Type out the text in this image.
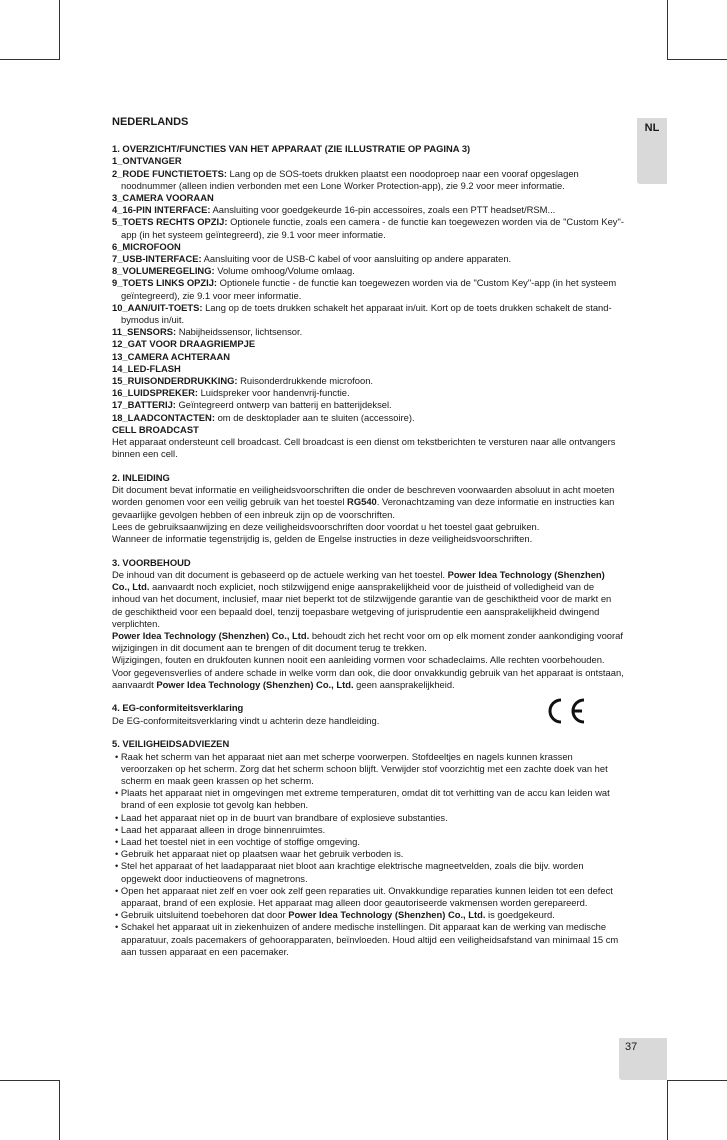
NL
37
NEDERLANDS
1. OVERZICHT/FUNCTIES VAN HET APPARAAT (ZIE ILLUSTRATIE OP PAGINA 3)

1_ONTVANGER

2_RODE FUNCTIETOETS: Lang op de SOS-toets drukken plaatst een noodoproep naar een vooraf opgeslagen noodnummer (alleen indien verbonden met een Lone Worker Protection-app), zie 9.2 voor meer informatie.

3_CAMERA VOORAAN

4_16-PIN INTERFACE: Aansluiting voor goedgekeurde 16-pin accessoires, zoals een PTT headset/RSM...

5_TOETS RECHTS OPZIJ: Optionele functie, zoals een camera - de functie kan toegewezen worden via de "Custom Key"-app (in het systeem geïntegreerd), zie 9.1 voor meer informatie.

6_MICROFOON

7_USB-INTERFACE: Aansluiting voor de USB-C kabel of voor aansluiting op andere apparaten.

8_VOLUMEREGELING: Volume omhoog/Volume omlaag.

9_TOETS LINKS OPZIJ: Optionele functie - de functie kan toegewezen worden via de "Custom Key"-app (in het systeem geïntegreerd), zie 9.1 voor meer informatie.

10_AAN/UIT-TOETS: Lang op de toets drukken schakelt het apparaat in/uit. Kort op de toets drukken schakelt de stand-bymodus in/uit.

11_SENSORS: Nabijheidssensor, lichtsensor.

12_GAT VOOR DRAAGRIEMPJE

13_CAMERA ACHTERAAN

14_LED-FLASH

15_RUISONDERDRUKKING: Ruisonderdrukkende microfoon.

16_LUIDSPREKER: Luidspreker voor handenvrij-functie.

17_BATTERIJ: Geïntegreerd ontwerp van batterij en batterijdeksel.

18_LAADCONTACTEN: om de desktoplader aan te sluiten (accessoire).

CELL BROADCAST

Het apparaat ondersteunt cell broadcast. Cell broadcast is een dienst om tekstberichten te versturen naar alle ontvangers binnen een cell.

2. INLEIDING

Dit document bevat informatie en veiligheidsvoorschriften die onder de beschreven voorwaarden absoluut in acht moeten worden genomen voor een veilig gebruik van het toestel RG540. Veronachtzaming van deze informatie en instructies kan gevaarlijke gevolgen hebben of een inbreuk zijn op de voorschriften.

Lees de gebruiksaanwijzing en deze veiligheidsvoorschriften door voordat u het toestel gaat gebruiken.

Wanneer de informatie tegenstrijdig is, gelden de Engelse instructies in deze veiligheidsvoorschriften.

3. VOORBEHOUD

De inhoud van dit document is gebaseerd op de actuele werking van het toestel. Power Idea Technology (Shenzhen) Co., Ltd. aanvaardt noch expliciet, noch stilzwijgend enige aansprakelijkheid voor de juistheid of volledigheid van de inhoud van het document, inclusief, maar niet beperkt tot de stilzwijgende garantie van de geschiktheid voor de markt en de geschiktheid voor een bepaald doel, tenzij toepasbare wetgeving of jurisprudentie een aansprakelijkheid dwingend verplichten.

Power Idea Technology (Shenzhen) Co., Ltd. behoudt zich het recht voor om op elk moment zonder aankondiging vooraf wijzigingen in dit document aan te brengen of dit document terug te trekken.

Wijzigingen, fouten en drukfouten kunnen nooit een aanleiding vormen voor schadeclaims. Alle rechten voorbehouden.

Voor gegevensverlies of andere schade in welke vorm dan ook, die door onvakkundig gebruik van het apparaat is ontstaan, aanvaardt Power Idea Technology (Shenzhen) Co., Ltd. geen aansprakelijkheid.

4. EG-conformiteitsverklaring

De EG-conformiteitsverklaring vindt u achterin deze handleiding.

5. VEILIGHEIDSADVIEZEN

• Raak het scherm van het apparaat niet aan met scherpe voorwerpen. Stofdeeltjes en nagels kunnen krassen veroorzaken op het scherm. Zorg dat het scherm schoon blijft. Verwijder stof voorzichtig met een zachte doek van het scherm en maak geen krassen op het scherm.

• Plaats het apparaat niet in omgevingen met extreme temperaturen, omdat dit tot verhitting van de accu kan leiden wat brand of een explosie tot gevolg kan hebben.

• Laad het apparaat niet op in de buurt van brandbare of explosieve substanties.

• Laad het apparaat alleen in droge binnenruimtes.

• Laad het toestel niet in een vochtige of stoffige omgeving.

• Gebruik het apparaat niet op plaatsen waar het gebruik verboden is.

• Stel het apparaat of het laadapparaat niet bloot aan krachtige elektrische magneetvelden, zoals die bijv. worden opgewekt door inductieovens of magnetrons.

• Open het apparaat niet zelf en voer ook zelf geen reparaties uit. Onvakkundige reparaties kunnen leiden tot een defect apparaat, brand of een explosie. Het apparaat mag alleen door geautoriseerde vakmensen worden gerepareerd.

• Gebruik uitsluitend toebehoren dat door Power Idea Technology (Shenzhen) Co., Ltd. is goedgekeurd.

• Schakel het apparaat uit in ziekenhuizen of andere medische instellingen. Dit apparaat kan de werking van medische apparatuur, zoals pacemakers of gehoorapparaten, beïnvloeden. Houd altijd een veiligheidsafstand van minimaal 15 cm aan tussen apparaat en een pacemaker.
